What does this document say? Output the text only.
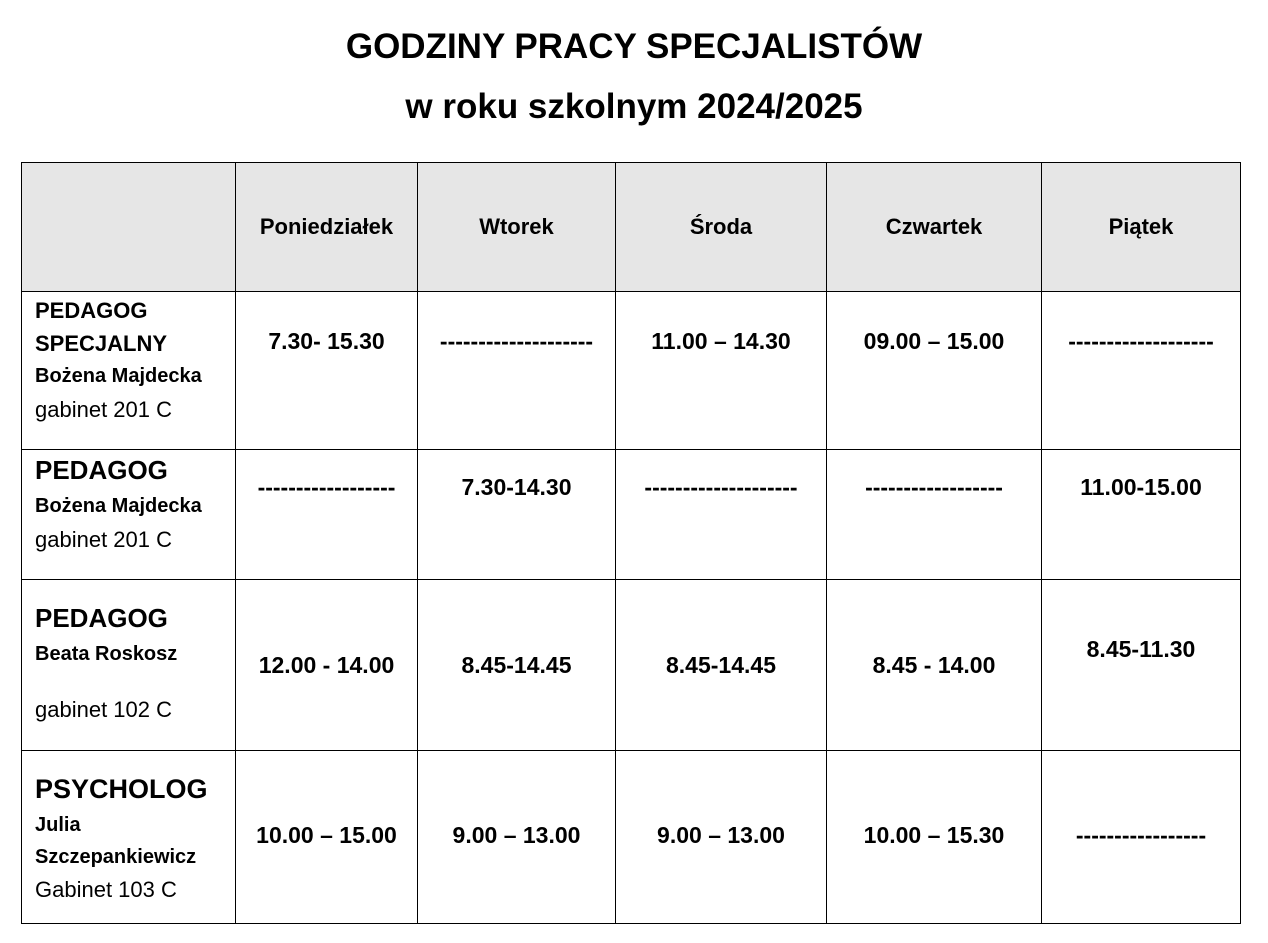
GODZINY PRACY SPECJALISTÓW
w roku szkolnym 2024/2025
	Poniedziałek	Wtorek	Środa	Czwartek	Piątek

PEDAGOG SPECJALNY
Bożena Majdecka
gabinet 201 C	7.30- 15.30	--------------------	11.00 – 14.30	09.00 – 15.00	-------------------

PEDAGOG
Bożena Majdecka
gabinet 201 C	------------------	7.30-14.30	--------------------	------------------	11.00-15.00

PEDAGOG
Beata Roskosz
gabinet 102 C	12.00 - 14.00	8.45-14.45	8.45-14.45	8.45 - 14.00	8.45-11.30

PSYCHOLOG
Julia Szczepankiewicz
Gabinet 103 C	10.00 – 15.00	9.00 – 13.00	9.00 – 13.00	10.00 – 15.30	-----------------
